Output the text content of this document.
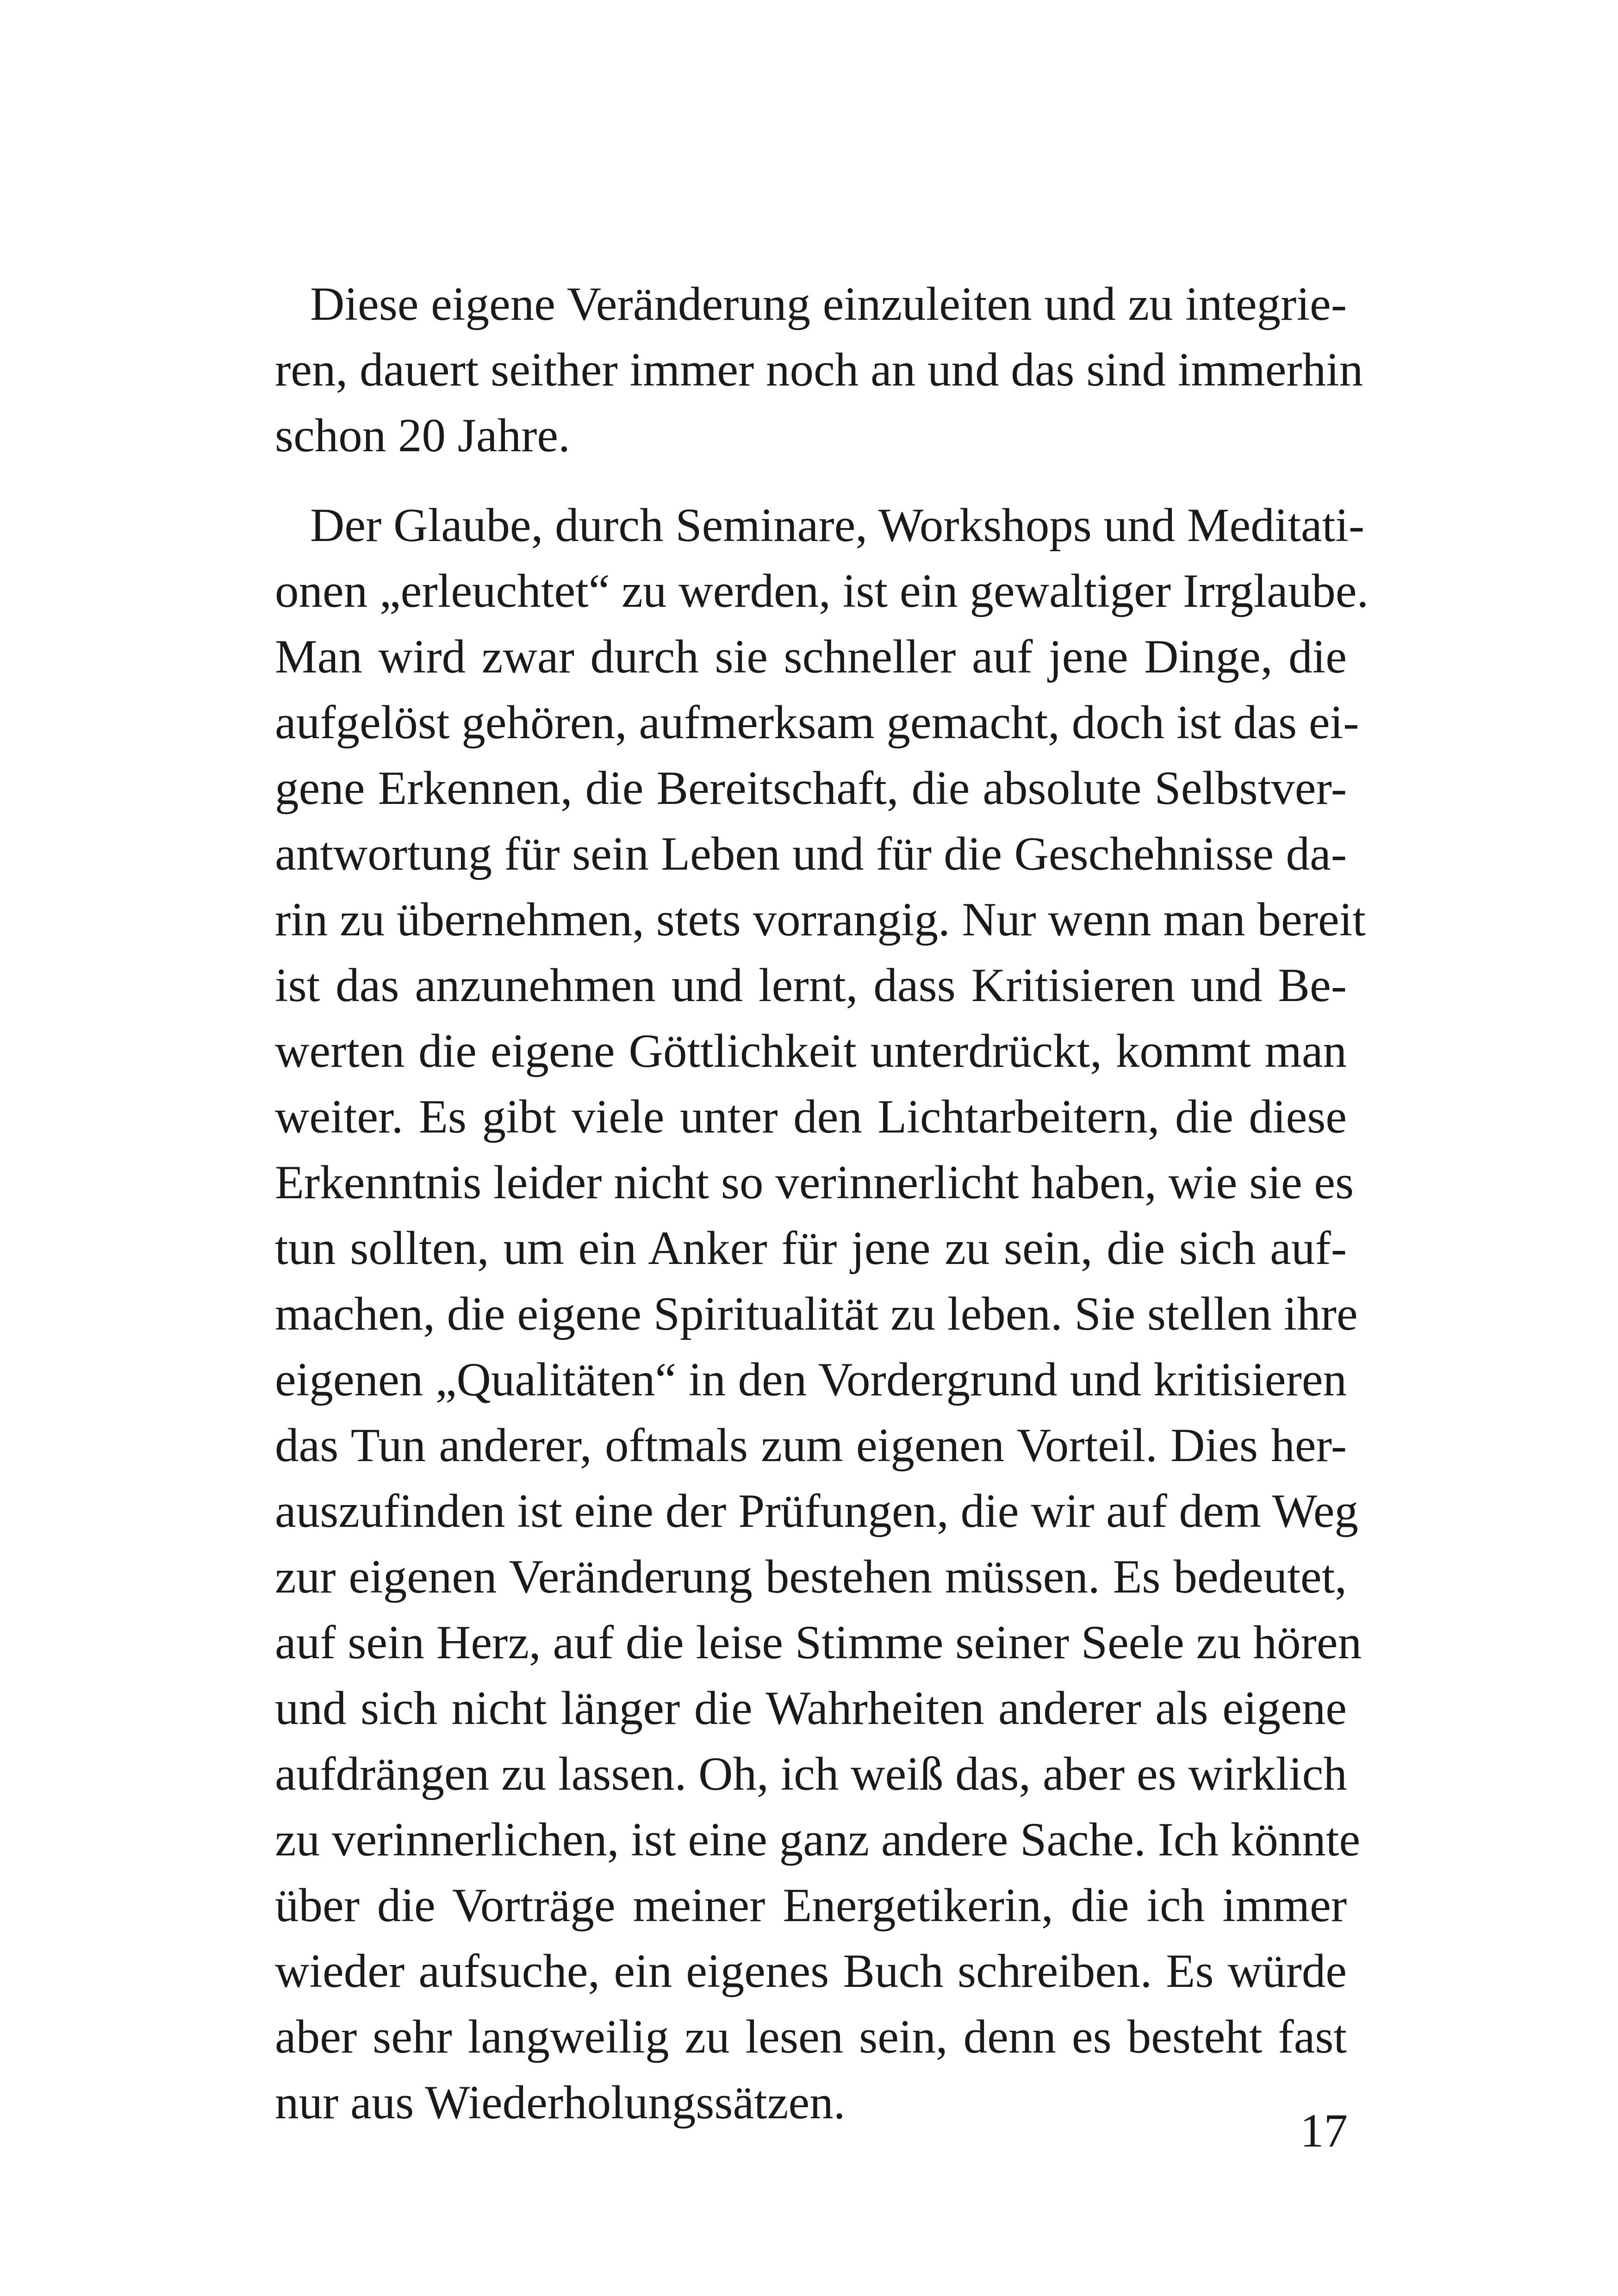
Diese eigene Veränderung einzuleiten und zu integrie-
ren, dauert seither immer noch an und das sind immerhin
schon 20 Jahre.
Der Glaube, durch Seminare, Workshops und Meditati-
onen „erleuchtet“ zu werden, ist ein gewaltiger Irrglaube.
Man wird zwar durch sie schneller auf jene Dinge, die
aufgelöst gehören, aufmerksam gemacht, doch ist das ei-
gene Erkennen, die Bereitschaft, die absolute Selbstver-
antwortung für sein Leben und für die Geschehnisse da-
rin zu übernehmen, stets vorrangig. Nur wenn man bereit
ist das anzunehmen und lernt, dass Kritisieren und Be-
werten die eigene Göttlichkeit unterdrückt, kommt man
weiter. Es gibt viele unter den Lichtarbeitern, die diese
Erkenntnis leider nicht so verinnerlicht haben, wie sie es
tun sollten, um ein Anker für jene zu sein, die sich auf-
machen, die eigene Spiritualität zu leben. Sie stellen ihre
eigenen „Qualitäten“ in den Vordergrund und kritisieren
das Tun anderer, oftmals zum eigenen Vorteil. Dies her-
auszufinden ist eine der Prüfungen, die wir auf dem Weg
zur eigenen Veränderung bestehen müssen. Es bedeutet,
auf sein Herz, auf die leise Stimme seiner Seele zu hören
und sich nicht länger die Wahrheiten anderer als eigene
aufdrängen zu lassen. Oh, ich weiß das, aber es wirklich
zu verinnerlichen, ist eine ganz andere Sache. Ich könnte
über die Vorträge meiner Energetikerin, die ich immer
wieder aufsuche, ein eigenes Buch schreiben. Es würde
aber sehr langweilig zu lesen sein, denn es besteht fast
nur aus Wiederholungssätzen.
17
